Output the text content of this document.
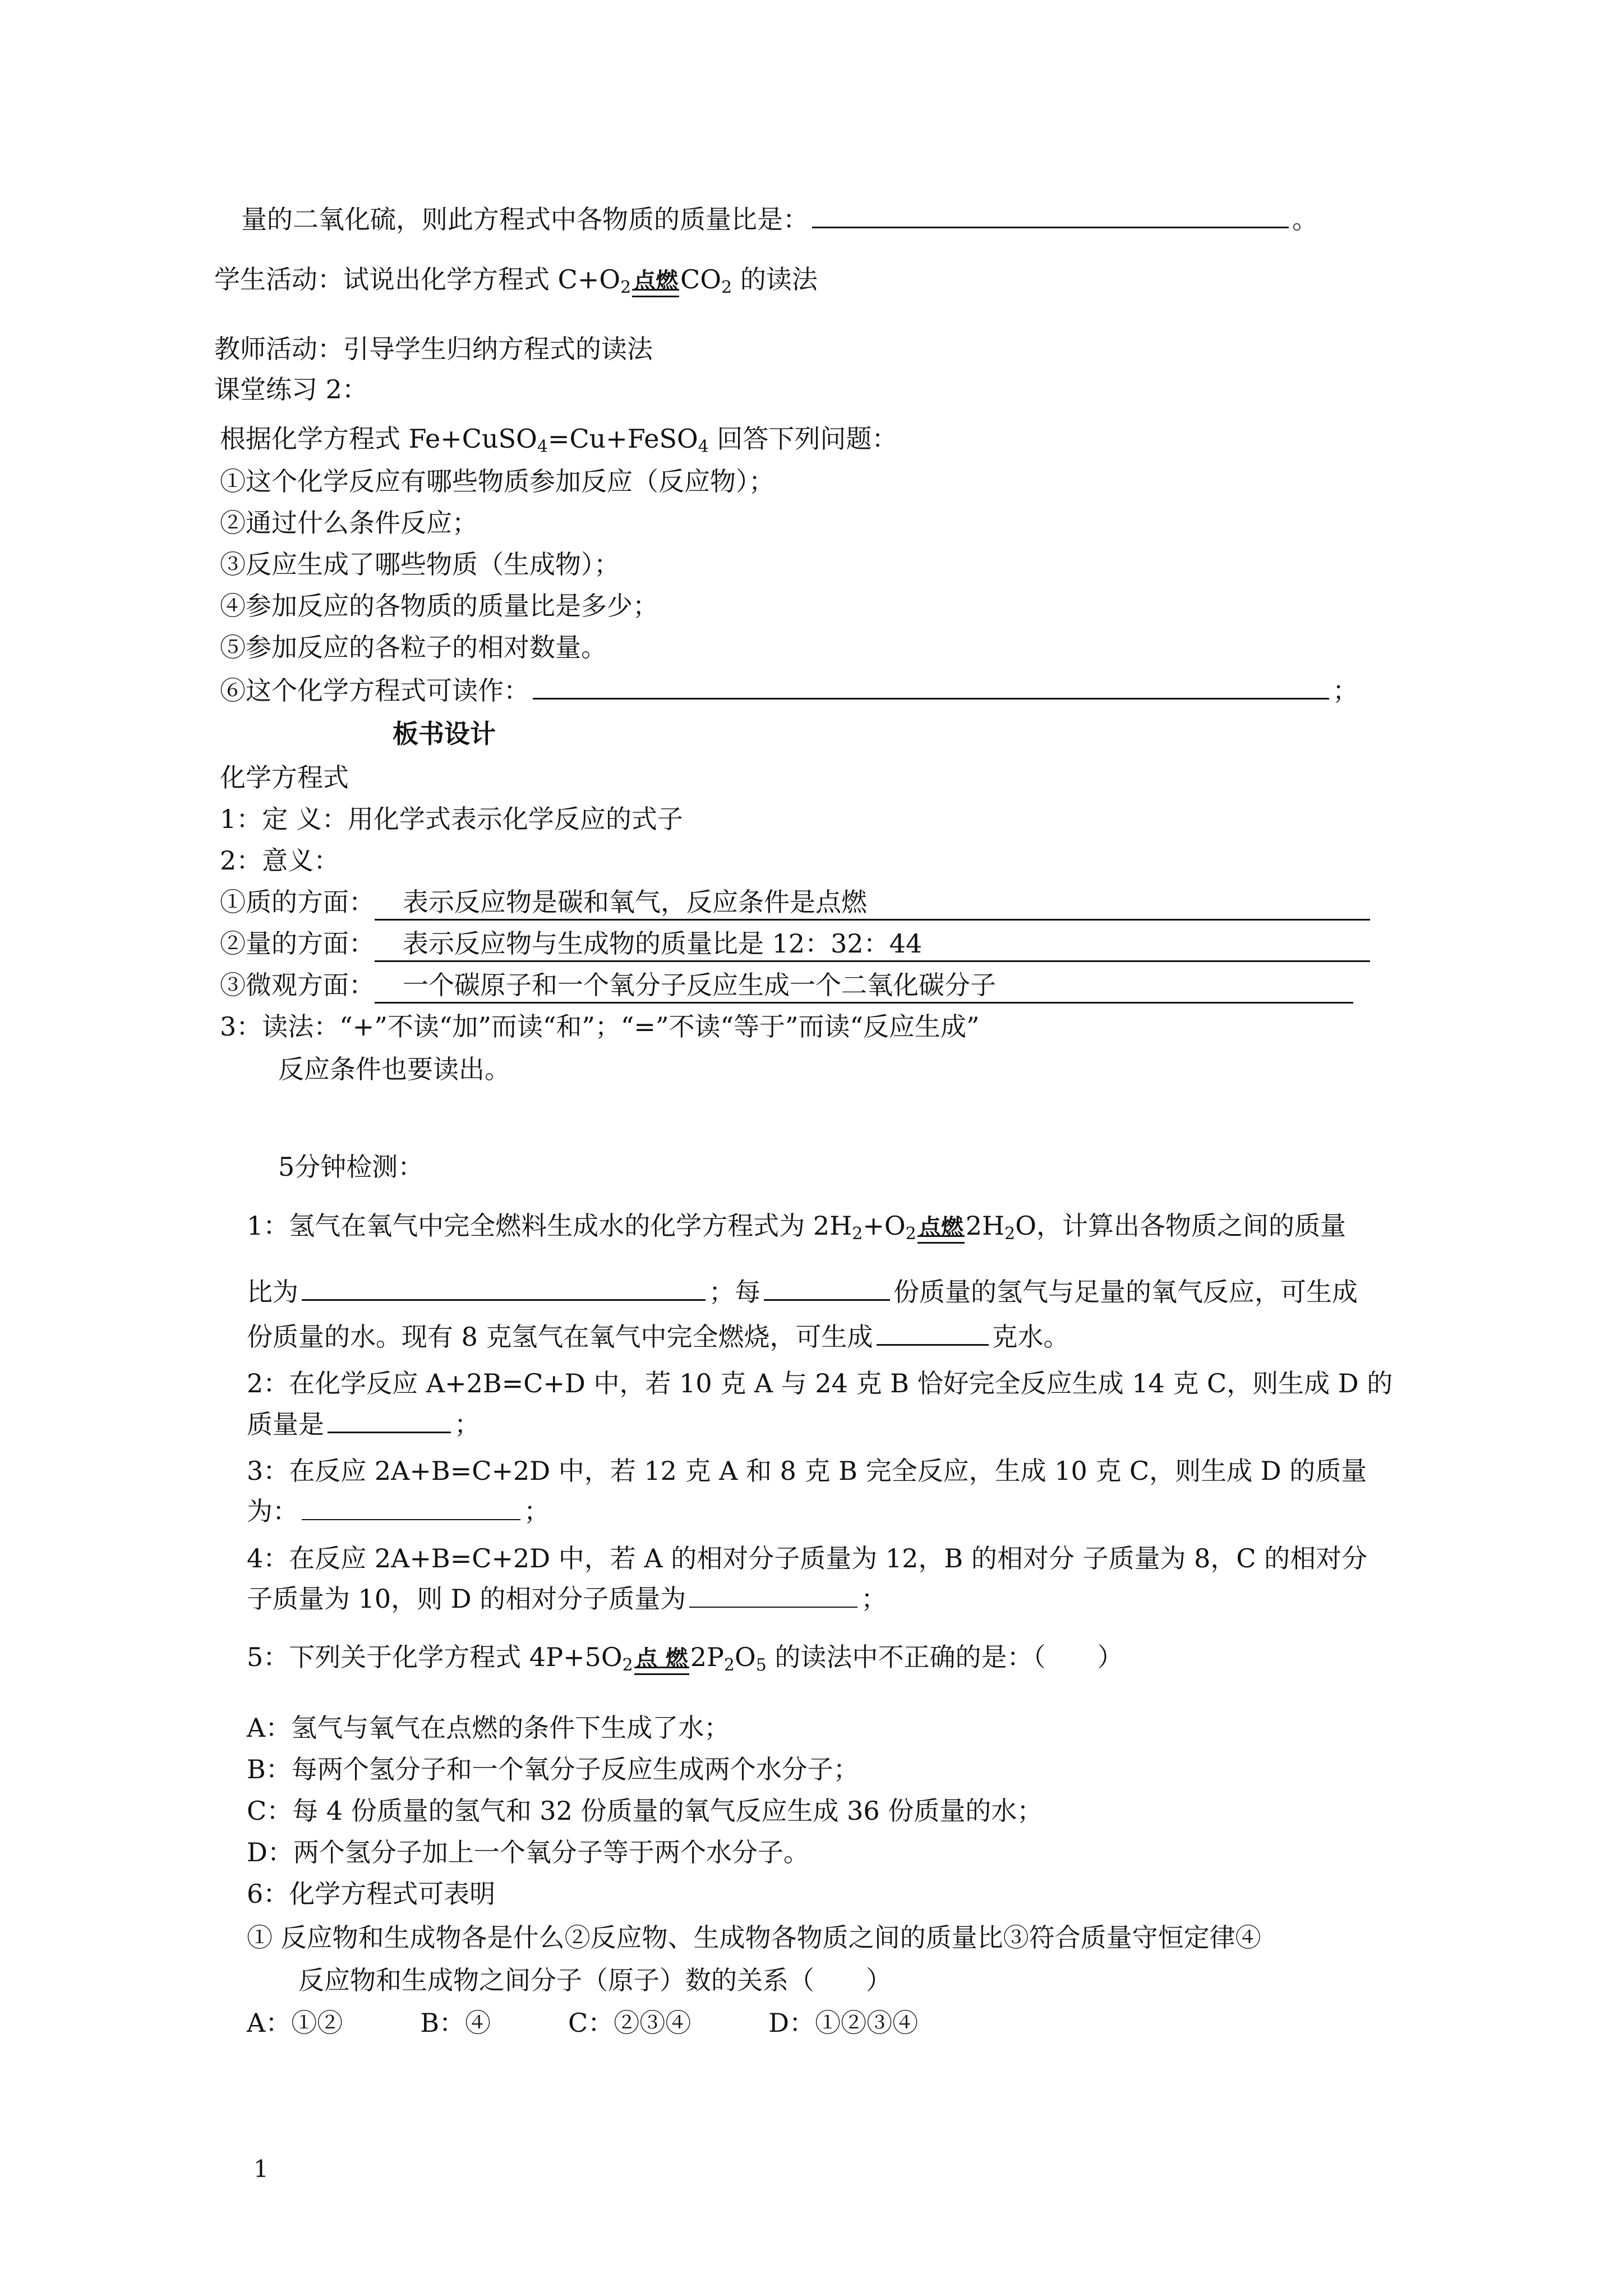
量的二氧化硫，则此方程式中各物质的质量比是：	。
学生活动：试说出化学方程式 $C+O_2$ 点燃$CO_2$ 的读法
教师活动：引导学生归纳方程式的读法
课堂练习 2：
根据化学方程式 Fe+CuSO$_4$=Cu+FeSO$_4$ 回答下列问题：
①这个化学反应有哪些物质参加反应（反应物）；
②通过什么条件反应；
③反应生成了哪些物质（生成物）；
④参加反应的各物质的质量比是多少；
⑤参加反应的各粒子的相对数量。
⑥这个化学方程式可读作：	；
板书设计
化学方程式
1：定 义：用化学式表示化学反应的式子
2：意义：
①质的方面： 表示反应物是碳和氧气，反应条件是点燃
②量的方面： 表示反应物与生成物的质量比是 12：32：44
③微观方面： 一个碳原子和一个氧分子反应生成一个二氧化碳分子
3：读法：“+”不读“加”而读“和”；“=”不读“等于”而读“反应生成”
反应条件也要读出。
5分钟检测：
1：氢气在氧气中完全燃料生成水的化学方程式为 $2H_2+O_2$ 点燃$2H_2O$，计算出各物质之间的质量
比为	；每	份质量的氢气与足量的氧气反应，可生成
份质量的水。现有 8 克氢气在氧气中完全燃烧，可生成	克水。
2：在化学反应 A+2B=C+D 中，若 10 克 A 与 24 克 B 恰好完全反应生成 14 克 C，则生成 D 的
质量是	；
3：在反应 2A+B=C+2D 中，若 12 克 A 和 8 克 B 完全反应，生成 10 克 C，则生成 D 的质量
为：	；
4：在反应 2A+B=C+2D 中，若 A 的相对分子质量为 12，B 的相对分 子质量为 8，C 的相对分
子质量为 10，则 D 的相对分子质量为	；
5：下列关于化学方程式 $4P+5O_2$ 点 燃$2P_2O_5$ 的读法中不正确的是：（　　）
A：氢气与氧气在点燃的条件下生成了水；
B：每两个氢分子和一个氧分子反应生成两个水分子；
C：每 4 份质量的氢气和 32 份质量的氧气反应生成 36 份质量的水；
D：两个氢分子加上一个氧分子等于两个水分子。
6：化学方程式可表明
① 反应物和生成物各是什么②反应物、生成物各物质之间的质量比③符合质量守恒定律④
反应物和生成物之间分子（原子）数的关系（　　）
A：①②　　　B：④　　　C：②③④　　　D：①②③④
1
